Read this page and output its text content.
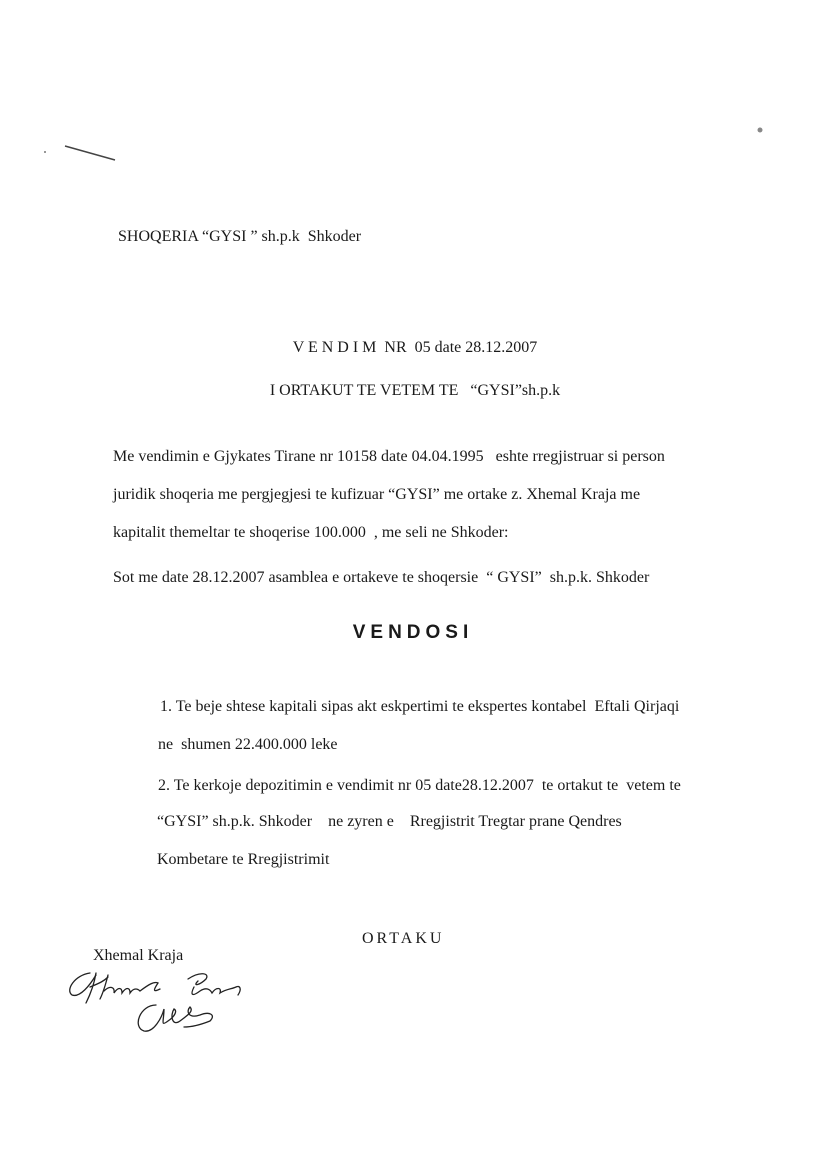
SHOQERIA “GYSI ” sh.p.k  Shkoder
V E N D I M  NR  05 date 28.12.2007
I ORTAKUT TE VETEM TE   “GYSI”sh.p.k
Me vendimin e Gjykates Tirane nr 10158 date 04.04.1995   eshte rregjistruar si person
juridik shoqeria me pergjegjesi te kufizuar “GYSI” me ortake z. Xhemal Kraja me
kapitalit themeltar te shoqerise 100.000  , me seli ne Shkoder:
Sot me date 28.12.2007 asamblea e ortakeve te shoqersie  “ GYSI”  sh.p.k. Shkoder
VENDOSI
1. Te beje shtese kapitali sipas akt eskpertimi te ekspertes kontabel  Eftali Qirjaqi
ne  shumen 22.400.000 leke
2. Te kerkoje depozitimin e vendimit nr 05 date28.12.2007  te ortakut te  vetem te
“GYSI” sh.p.k. Shkoder    ne zyren e    Rregjistrit Tregtar prane Qendres
Kombetare te Rregjistrimit
ORTAKU
Xhemal Kraja
